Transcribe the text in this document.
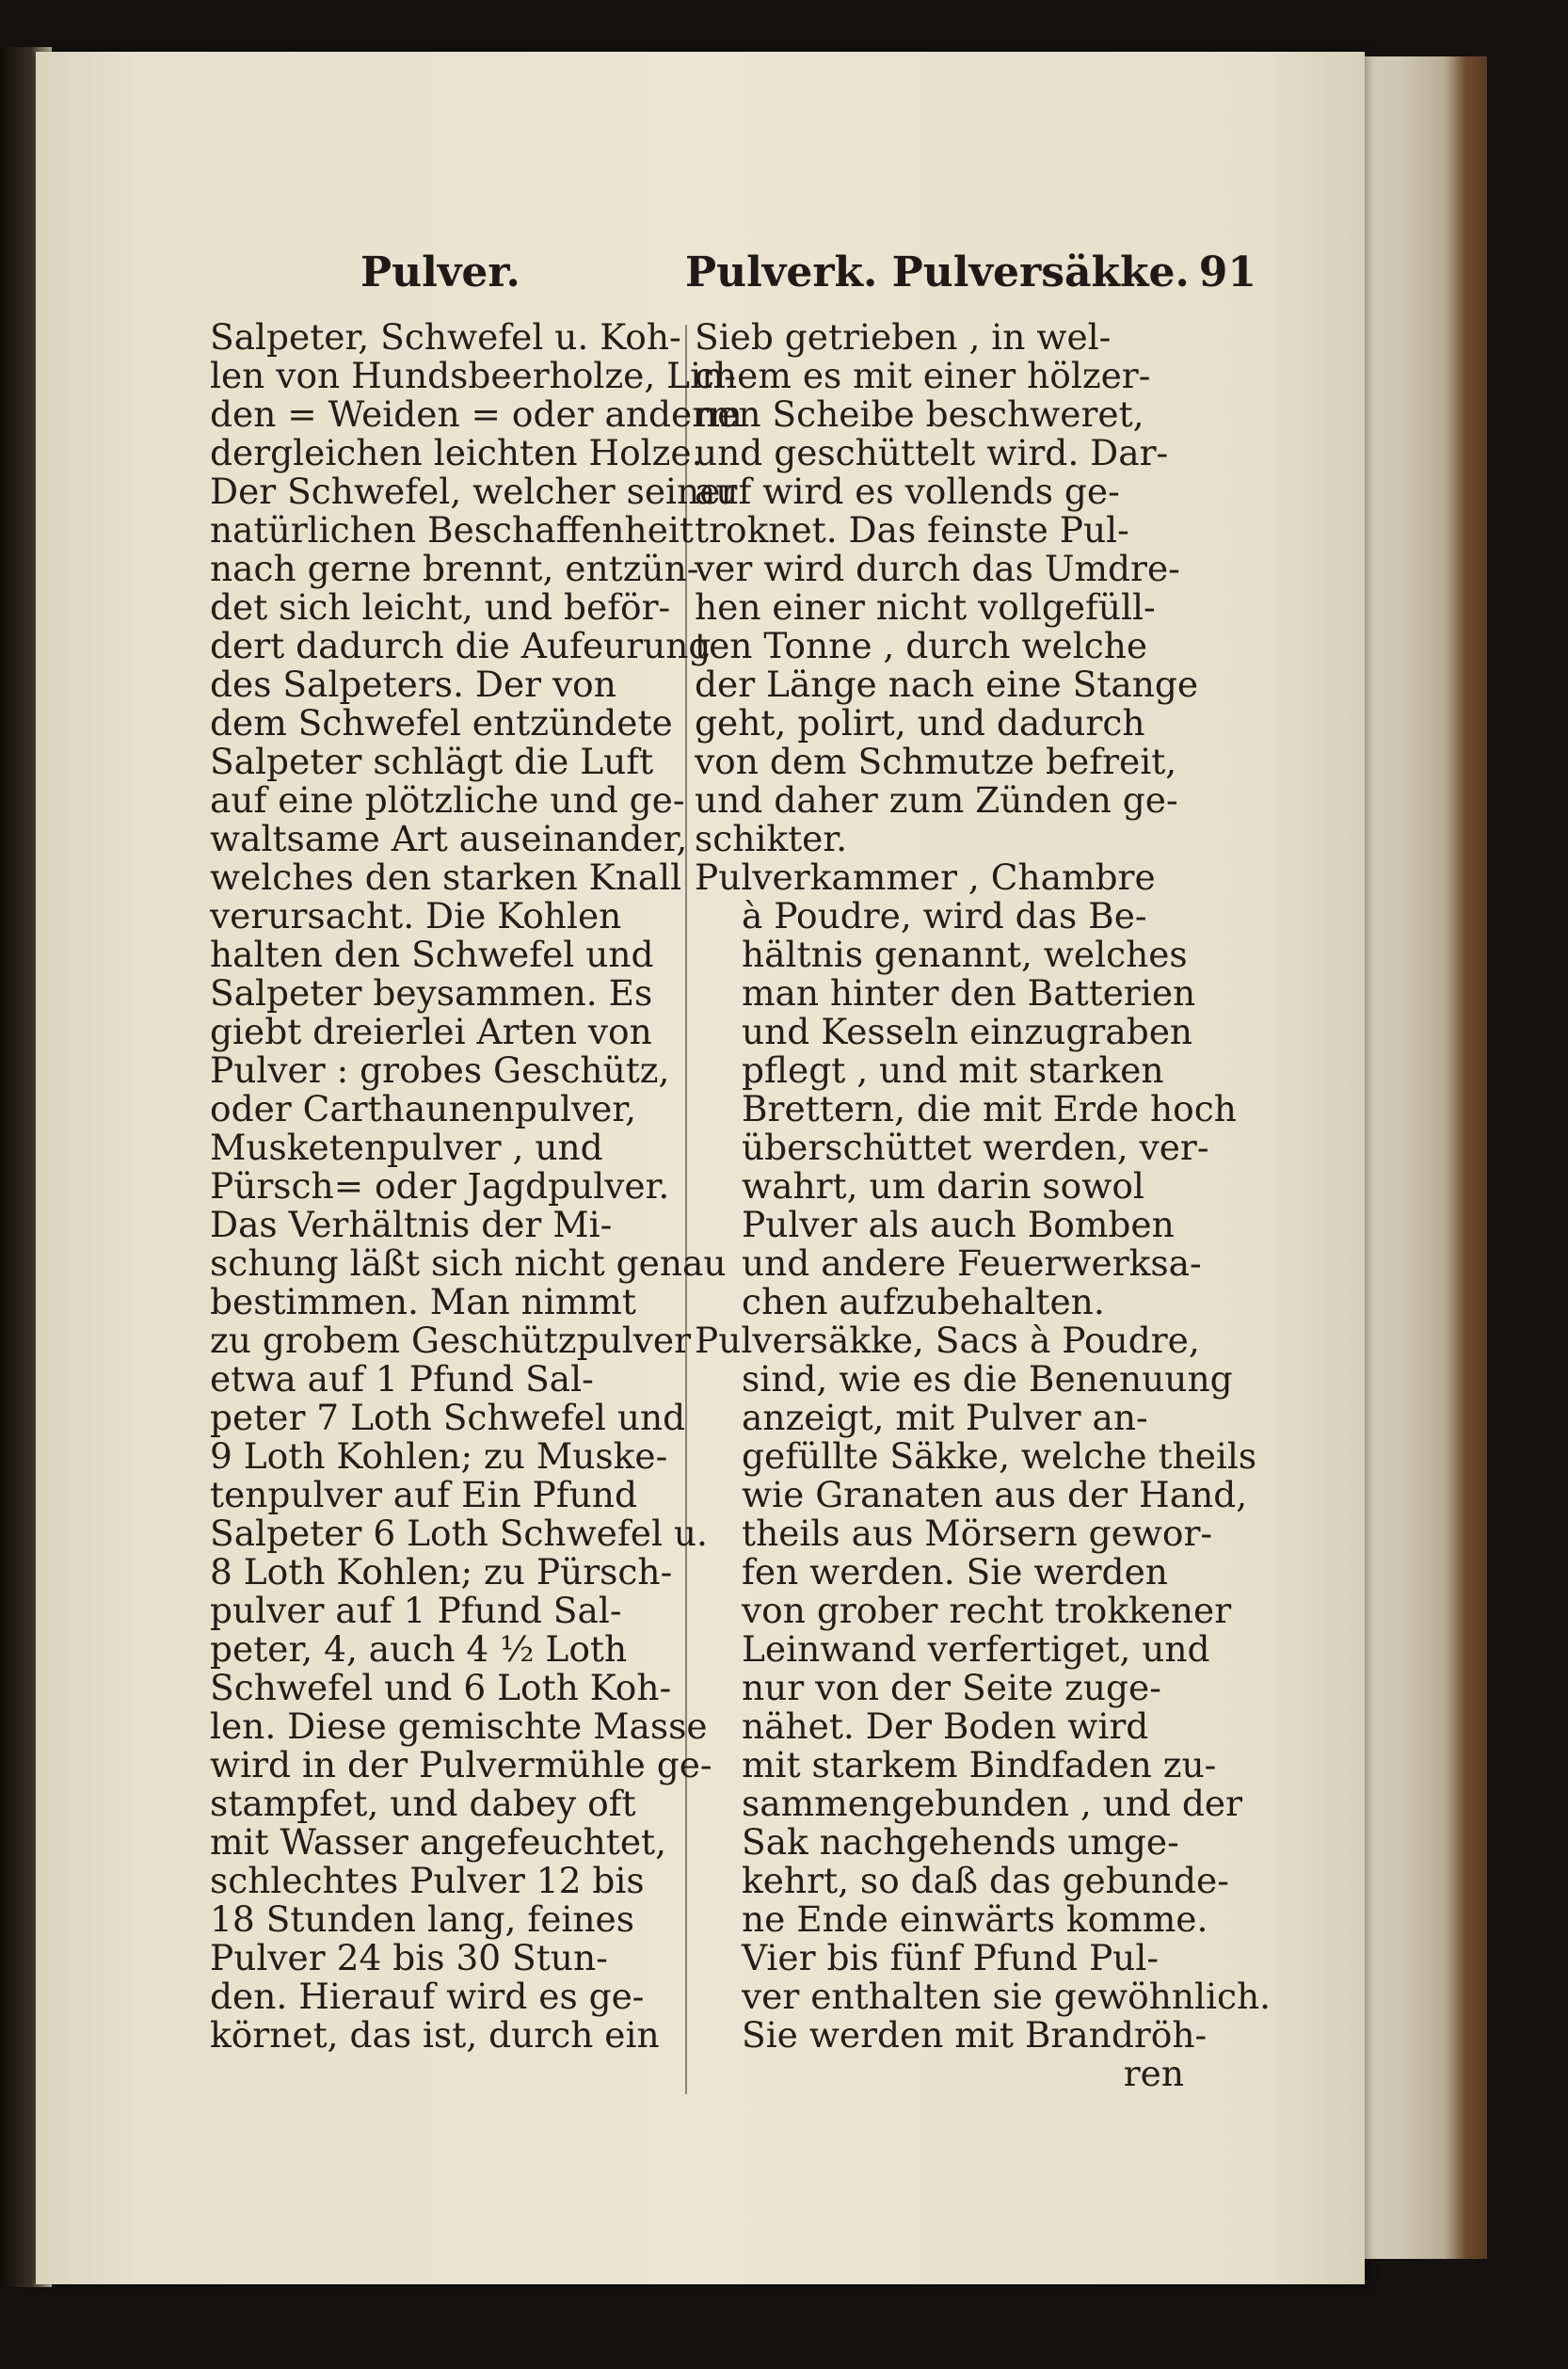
Pulver.	Pulverk. Pulversäkke. 91
Salpeter, Schwefel u. Koh-
len von Hundsbeerholze, Lin-
den = Weiden = oder anderm
dergleichen leichten Holze.
Der Schwefel, welcher seiner
natürlichen Beschaffenheit
nach gerne brennt, entzün-
det sich leicht, und beför-
dert dadurch die Aufeurung
des Salpeters. Der von
dem Schwefel entzündete
Salpeter schlägt die Luft
auf eine plötzliche und ge-
waltsame Art auseinander,
welches den starken Knall
verursacht. Die Kohlen
halten den Schwefel und
Salpeter beysammen. Es
giebt dreierlei Arten von
Pulver : grobes Geschütz,
oder Carthaunenpulver,
Musketenpulver , und
Pürsch= oder Jagdpulver.
Das Verhältnis der Mi-
schung läßt sich nicht genau
bestimmen. Man nimmt
zu grobem Geschützpulver
etwa auf 1 Pfund Sal-
peter 7 Loth Schwefel und
9 Loth Kohlen; zu Muske-
tenpulver auf Ein Pfund
Salpeter 6 Loth Schwefel u.
8 Loth Kohlen; zu Pürsch-
pulver auf 1 Pfund Sal-
peter, 4, auch 4 ½ Loth
Schwefel und 6 Loth Koh-
len. Diese gemischte Masse
wird in der Pulvermühle ge-
stampfet, und dabey oft
mit Wasser angefeuchtet,
schlechtes Pulver 12 bis
18 Stunden lang, feines
Pulver 24 bis 30 Stun-
den. Hierauf wird es ge-
körnet, das ist, durch ein
Sieb getrieben , in wel-
chem es mit einer hölzer-
nen Scheibe beschweret,
und geschüttelt wird. Dar-
auf wird es vollends ge-
troknet. Das feinste Pul-
ver wird durch das Umdre-
hen einer nicht vollgefüll-
ten Tonne , durch welche
der Länge nach eine Stange
geht, polirt, und dadurch
von dem Schmutze befreit,
und daher zum Zünden ge-
schikter.
Pulverkammer , Chambre
à Poudre, wird das Be-
hältnis genannt, welches
man hinter den Batterien
und Kesseln einzugraben
pflegt , und mit starken
Brettern, die mit Erde hoch
überschüttet werden, ver-
wahrt, um darin sowol
Pulver als auch Bomben
und andere Feuerwerksa-
chen aufzubehalten.
Pulversäkke, Sacs à Poudre,
sind, wie es die Benenuung
anzeigt, mit Pulver an-
gefüllte Säkke, welche theils
wie Granaten aus der Hand,
theils aus Mörsern gewor-
fen werden. Sie werden
von grober recht trokkener
Leinwand verfertiget, und
nur von der Seite zuge-
nähet. Der Boden wird
mit starkem Bindfaden zu-
sammengebunden , und der
Sak nachgehends umge-
kehrt, so daß das gebunde-
ne Ende einwärts komme.
Vier bis fünf Pfund Pul-
ver enthalten sie gewöhnlich.
Sie werden mit Brandröh-
ren
